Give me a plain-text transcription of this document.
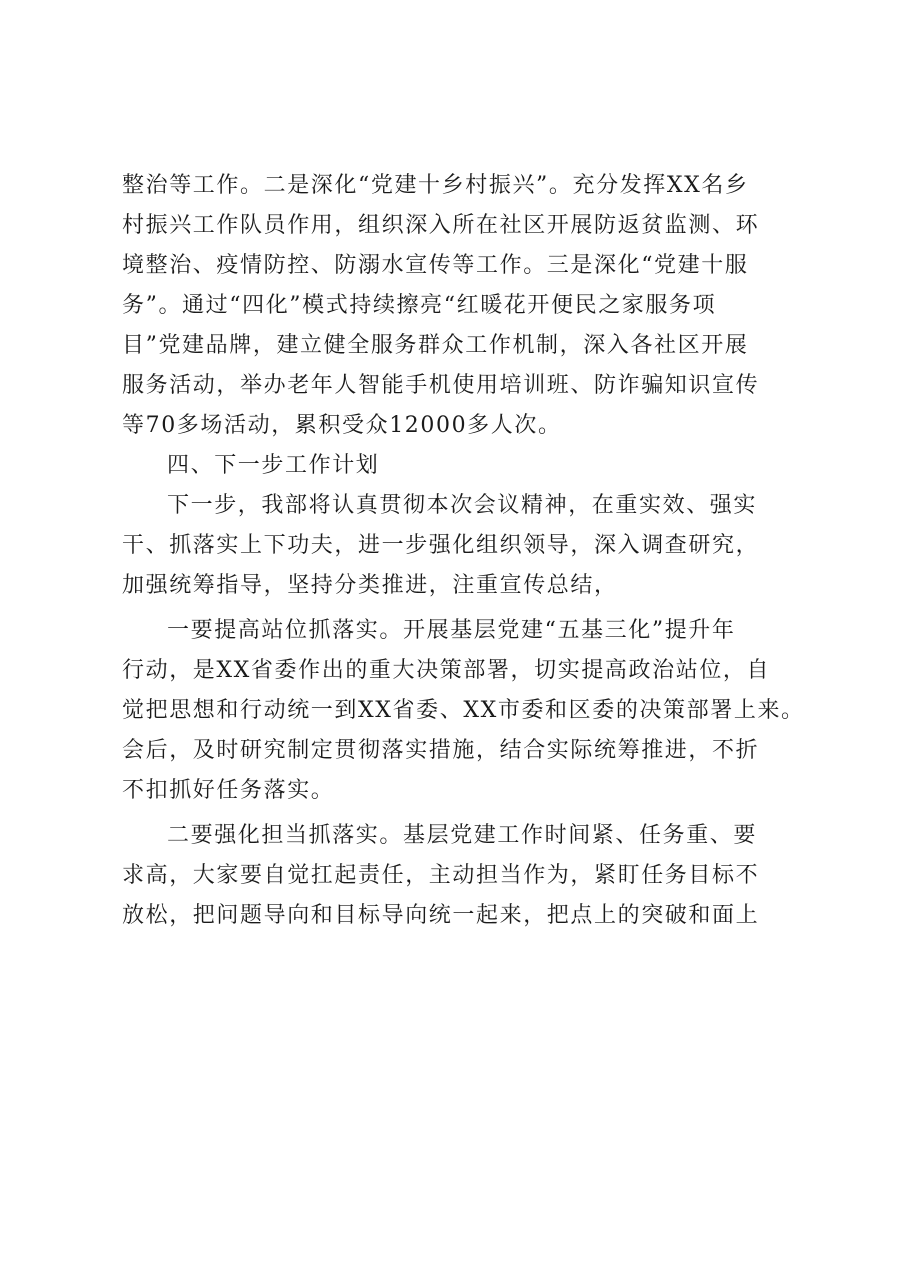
整治等工作。二是深化“党建十乡村振兴”。充分发挥XX名乡
村振兴工作队员作用，组织深入所在社区开展防返贫监测、环
境整治、疫情防控、防溺水宣传等工作。三是深化“党建十服
务”。通过“四化”模式持续擦亮“红暖花开便民之家服务项
目”党建品牌，建立健全服务群众工作机制，深入各社区开展
服务活动，举办老年人智能手机使用培训班、防诈骗知识宣传
等70多场活动，累积受众12000多人次。
四、下一步工作计划
下一步，我部将认真贯彻本次会议精神，在重实效、强实
干、抓落实上下功夫，进一步强化组织领导，深入调查研究，
加强统筹指导，坚持分类推进，注重宣传总结，
一要提高站位抓落实。开展基层党建“五基三化”提升年
行动，是XX省委作出的重大决策部署，切实提高政治站位，自
觉把思想和行动统一到XX省委、XX市委和区委的决策部署上来。
会后，及时研究制定贯彻落实措施，结合实际统筹推进，不折
不扣抓好任务落实。
二要强化担当抓落实。基层党建工作时间紧、任务重、要
求高，大家要自觉扛起责任，主动担当作为，紧盯任务目标不
放松，把问题导向和目标导向统一起来，把点上的突破和面上
